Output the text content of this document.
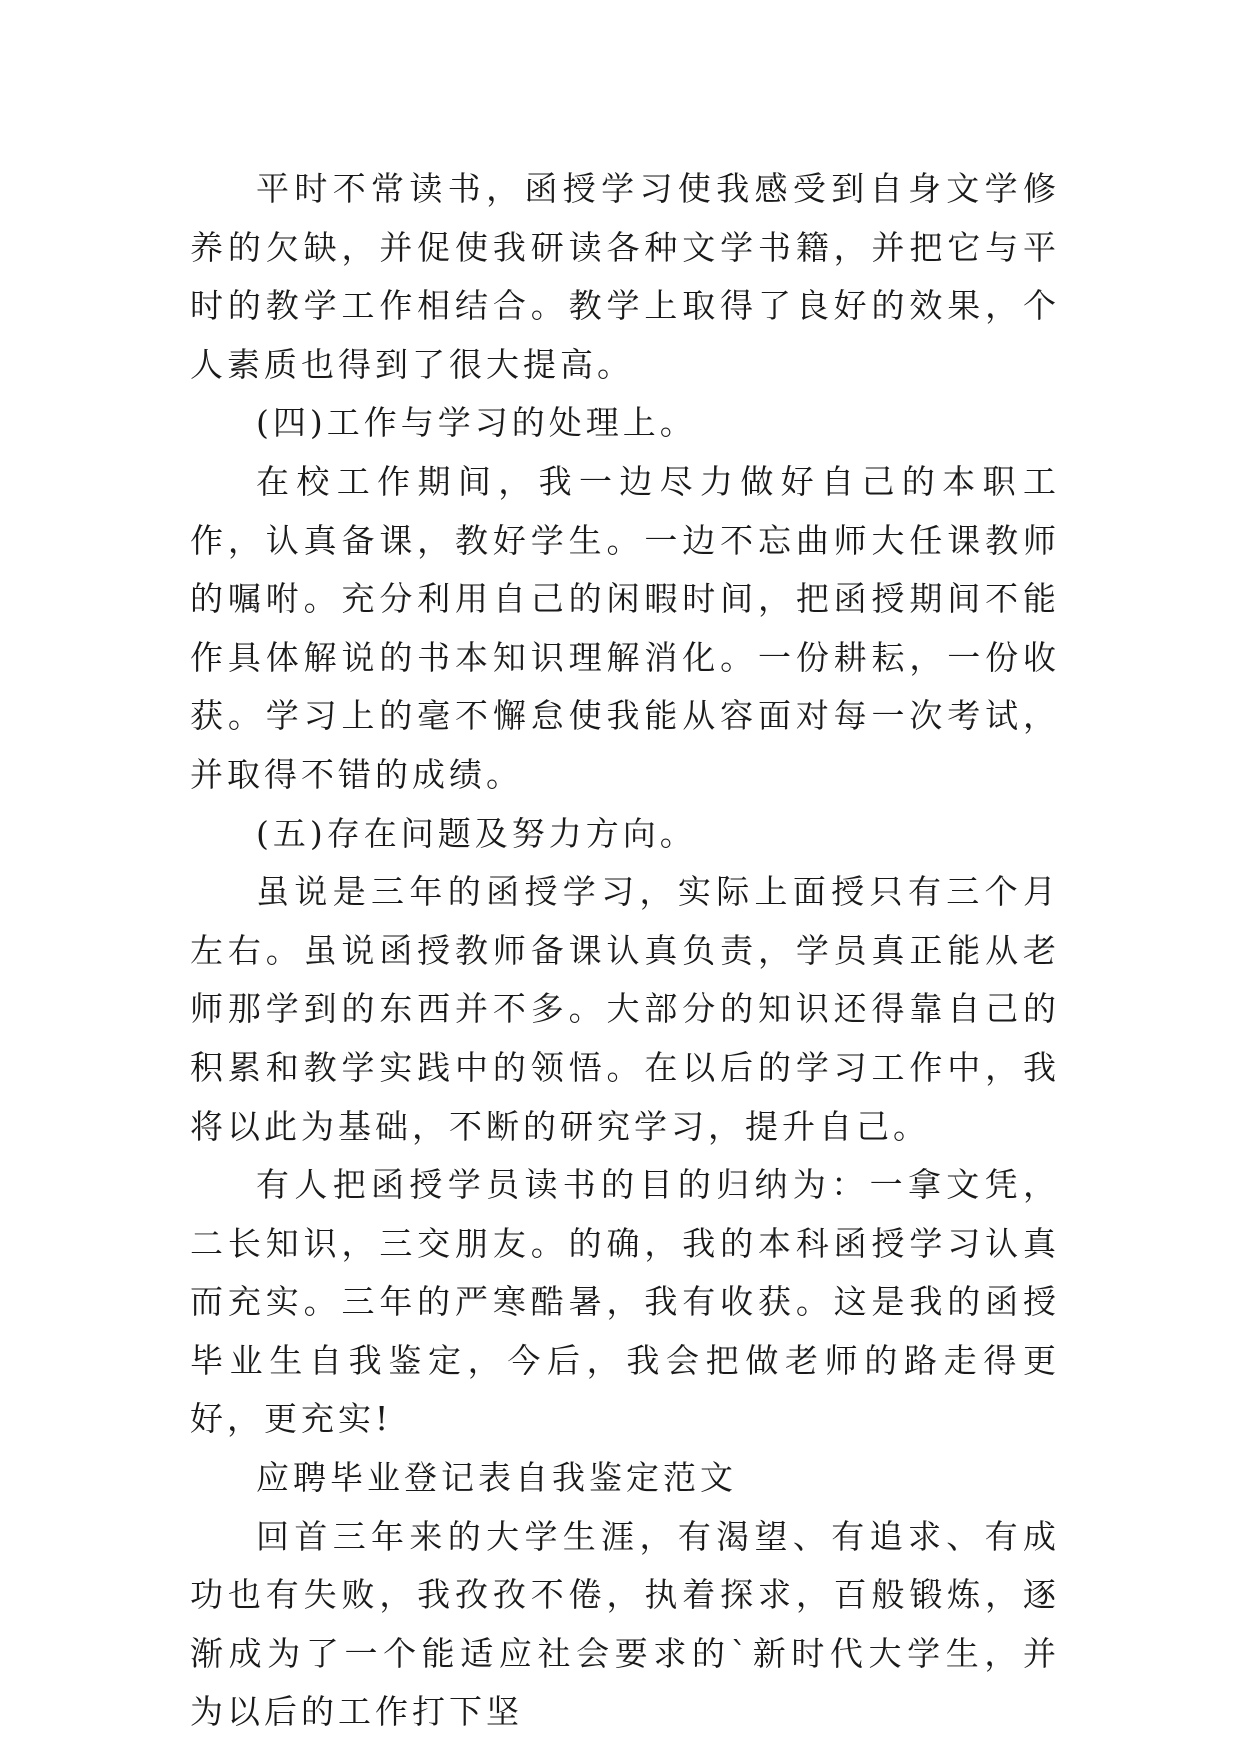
平时不常读书，函授学习使我感受到自身文学修养的欠缺，并促使我研读各种文学书籍，并把它与平时的教学工作相结合。教学上取得了良好的效果，个人素质也得到了很大提高。

(四)工作与学习的处理上。

在校工作期间，我一边尽力做好自己的本职工作，认真备课，教好学生。一边不忘曲师大任课教师的嘱咐。充分利用自己的闲暇时间，把函授期间不能作具体解说的书本知识理解消化。一份耕耘，一份收获。学习上的毫不懈怠使我能从容面对每一次考试，并取得不错的成绩。

(五)存在问题及努力方向。

虽说是三年的函授学习，实际上面授只有三个月左右。虽说函授教师备课认真负责，学员真正能从老师那学到的东西并不多。大部分的知识还得靠自己的积累和教学实践中的领悟。在以后的学习工作中，我将以此为基础，不断的研究学习，提升自己。

有人把函授学员读书的目的归纳为：一拿文凭，二长知识，三交朋友。的确，我的本科函授学习认真而充实。三年的严寒酷暑，我有收获。这是我的函授毕业生自我鉴定，今后，我会把做老师的路走得更好，更充实!

应聘毕业登记表自我鉴定范文

回首三年来的大学生涯，有渴望、有追求、有成功也有失败，我孜孜不倦，执着探求，百般锻炼，逐渐成为了一个能适应社会要求的`新时代大学生，并为以后的工作打下坚
